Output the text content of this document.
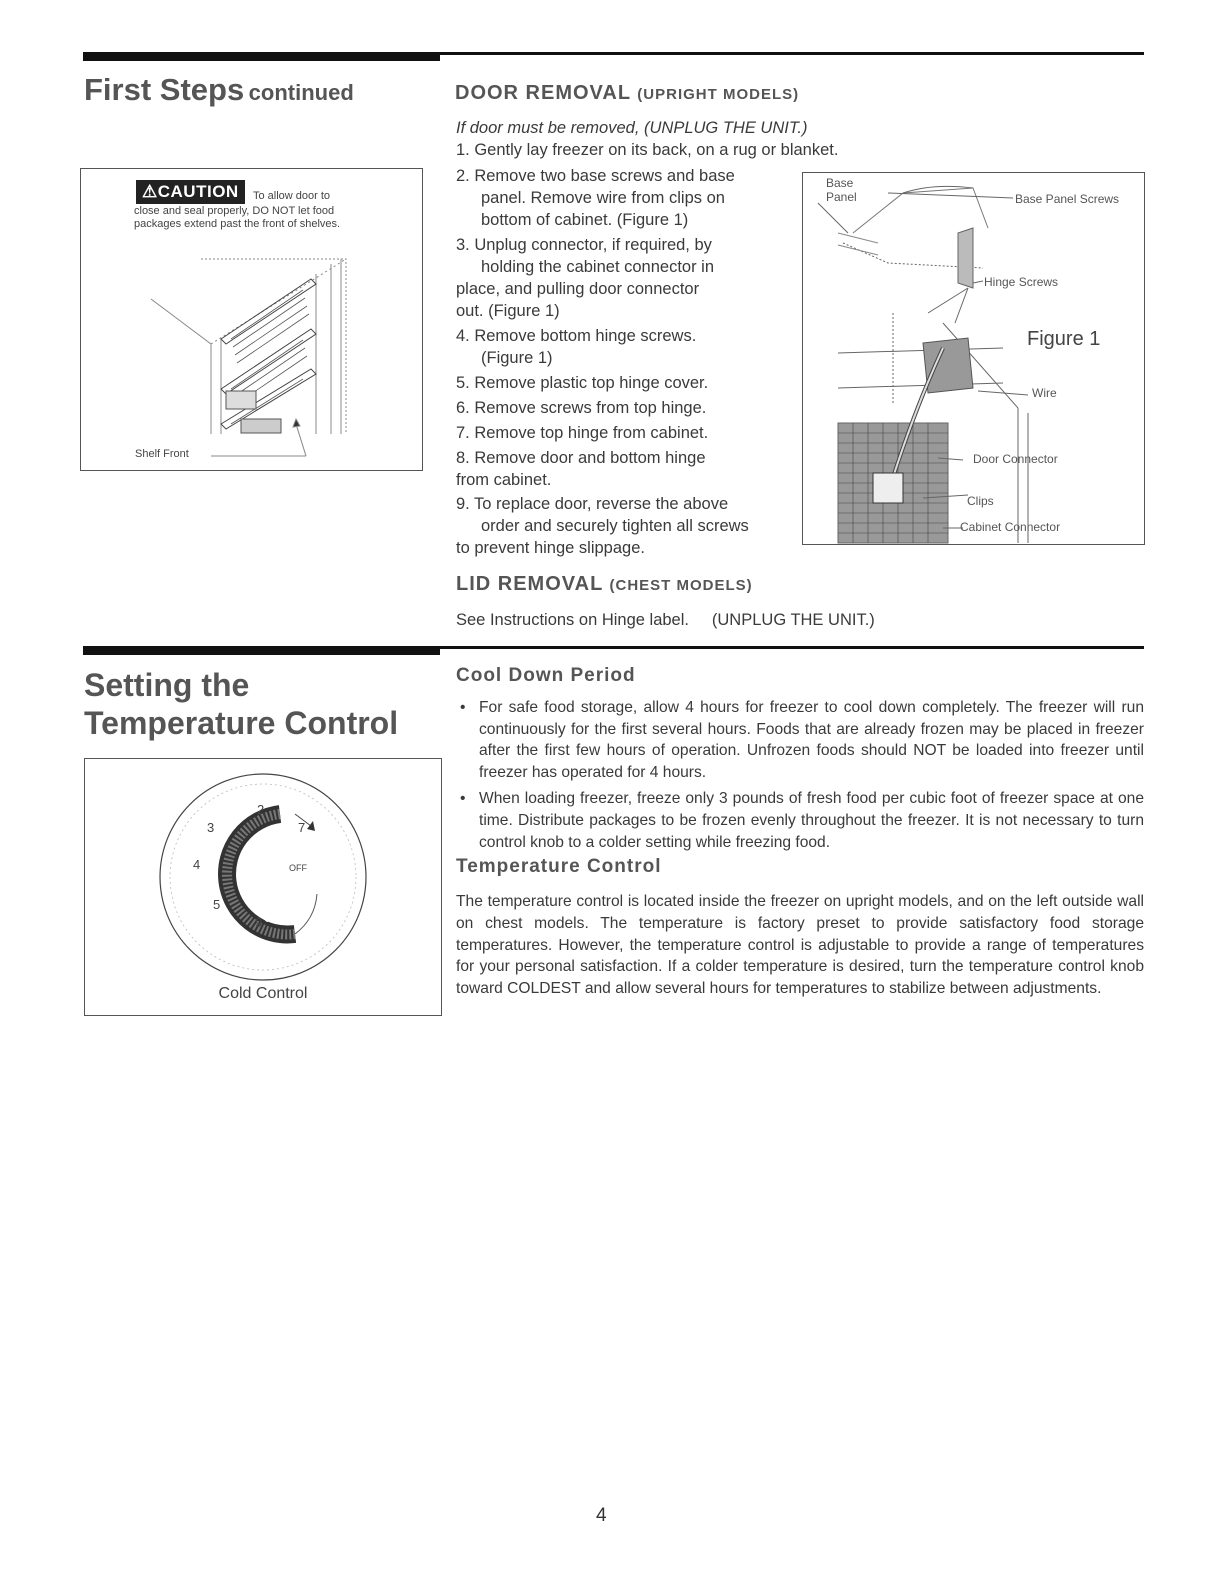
First Steps continued
⚠CAUTION	To allow door to
close and seal properly, DO NOT let food packages extend past the front of shelves.
Shelf Front
DOOR REMOVAL (UPRIGHT MODELS)
If door must be removed, (UNPLUG THE UNIT.)
1. Gently lay freezer on its back, on a rug or blanket.
2. Remove two base screws and base
panel. Remove wire from clips on
bottom of cabinet. (Figure 1)
3. Unplug connector, if required, by
holding the cabinet connector in
place, and pulling door connector
out. (Figure 1)
4. Remove bottom hinge screws.
(Figure 1)
5. Remove plastic top hinge cover.
6. Remove screws from top hinge.
7. Remove top hinge from cabinet.
8. Remove door and bottom hinge
from cabinet.
9. To replace door, reverse the above
order and securely tighten all screws
to prevent hinge slippage.
Base
Panel	Base Panel Screws
Hinge Screws
Figure 1
Wire
Door Connector
Clips
Cabinet Connector
LID REMOVAL (CHEST MODELS)
See Instructions on Hinge label.     (UNPLUG THE UNIT.)
Setting the
Temperature Control
2
3
4
5
9
7
OFF
COLDEST
Cold Control
Cool Down Period
• For safe food storage, allow 4 hours for freezer to cool down completely. The freezer will run continuously for the first several hours. Foods that are already frozen may be placed in freezer after the first few hours of operation. Unfrozen foods should NOT be loaded into freezer until freezer has operated for 4 hours.
• When loading freezer, freeze only 3 pounds of fresh food per cubic foot of freezer space at one time. Distribute packages to be frozen evenly throughout the freezer. It is not necessary to turn control knob to a colder setting while freezing food.
Temperature Control
The temperature control is located inside the freezer on upright models, and on the left outside wall on chest models. The temperature is factory preset to provide satisfactory food storage temperatures. However, the temperature control is adjustable to provide a range of temperatures for your personal satisfaction. If a colder temperature is desired, turn the temperature control knob toward COLDEST and allow several hours for temperatures to stabilize between adjustments.
4
